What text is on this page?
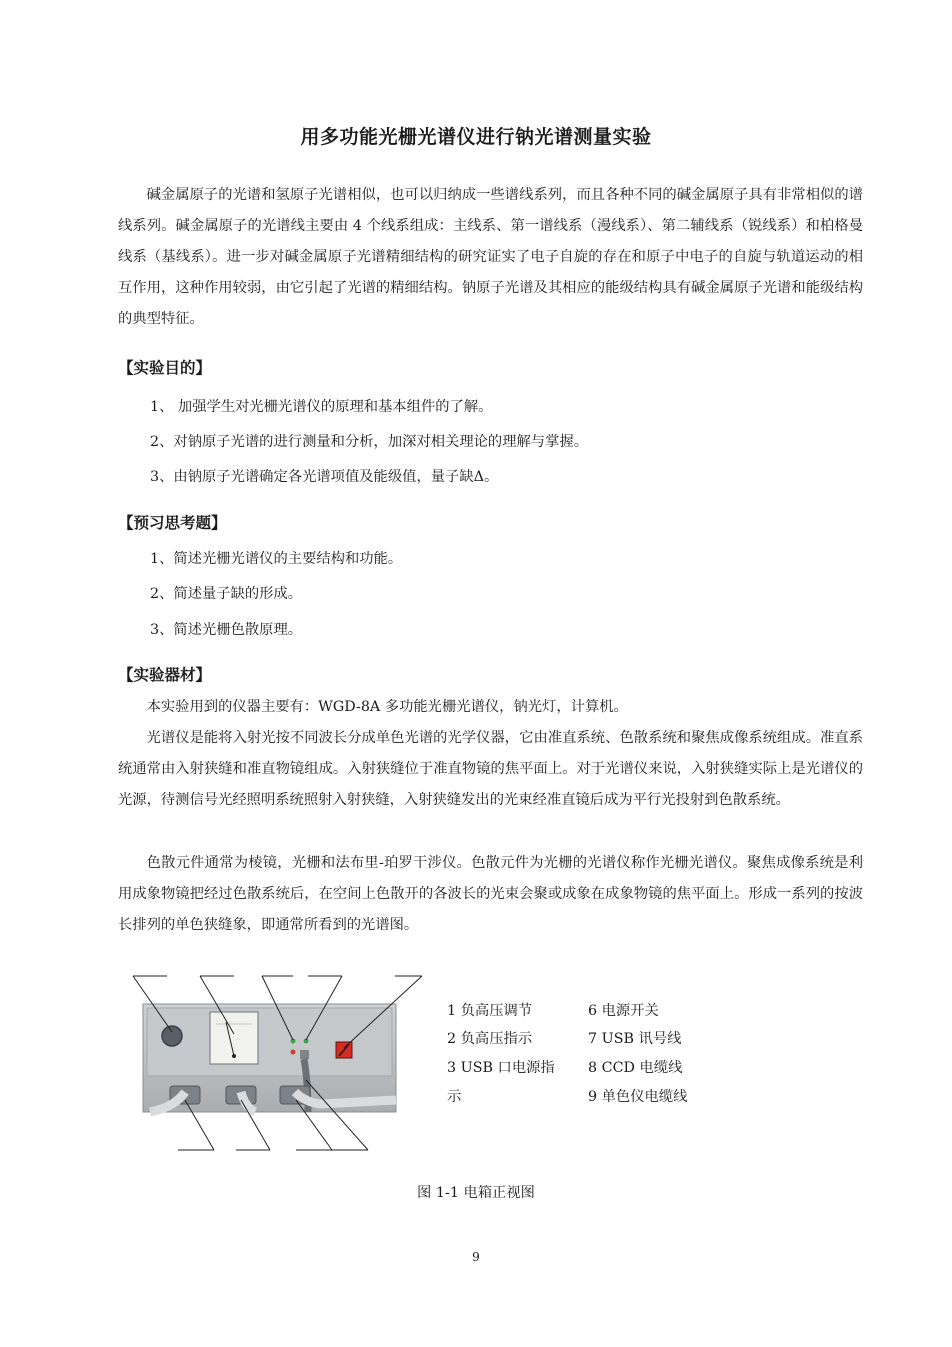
用多功能光栅光谱仪进行钠光谱测量实验

碱金属原子的光谱和氢原子光谱相似，也可以归纳成一些谱线系列，而且各种不同的碱金属原子具有非常相似的谱线系列。碱金属原子的光谱线主要由 4 个线系组成：主线系、第一谱线系（漫线系）、第二辅线系（锐线系）和柏格曼线系（基线系）。进一步对碱金属原子光谱精细结构的研究证实了电子自旋的存在和原子中电子的自旋与轨道运动的相互作用，这种作用较弱，由它引起了光谱的精细结构。钠原子光谱及其相应的能级结构具有碱金属原子光谱和能级结构的典型特征。

【实验目的】
1、 加强学生对光栅光谱仪的原理和基本组件的了解。
2、对钠原子光谱的进行测量和分析，加深对相关理论的理解与掌握。
3、由钠原子光谱确定各光谱项值及能级值，量子缺Δ。
【预习思考题】
1、简述光栅光谱仪的主要结构和功能。
2、简述量子缺的形成。
3、简述光栅色散原理。
【实验器材】

本实验用到的仪器主要有：WGD-8A 多功能光栅光谱仪，钠光灯，计算机。

光谱仪是能将入射光按不同波长分成单色光谱的光学仪器，它由准直系统、色散系统和聚焦成像系统组成。准直系统通常由入射狭缝和准直物镜组成。入射狭缝位于准直物镜的焦平面上。对于光谱仪来说，入射狭缝实际上是光谱仪的光源，待测信号光经照明系统照射入射狭缝，入射狭缝发出的光束经准直镜后成为平行光投射到色散系统。

色散元件通常为棱镜，光栅和法布里-珀罗干涉仪。色散元件为光栅的光谱仪称作光栅光谱仪。聚焦成像系统是利用成象物镜把经过色散系统后，在空间上色散开的各波长的光束会聚或成象在成象物镜的焦平面上。形成一系列的按波长排列的单色狭缝象，即通常所看到的光谱图。

1 负高压调节
2 负高压指示
3 USB 口电源指
示
6 电源开关
7 USB 讯号线
8 CCD 电缆线
9 单色仪电缆线
图 1-1 电箱正视图
9
